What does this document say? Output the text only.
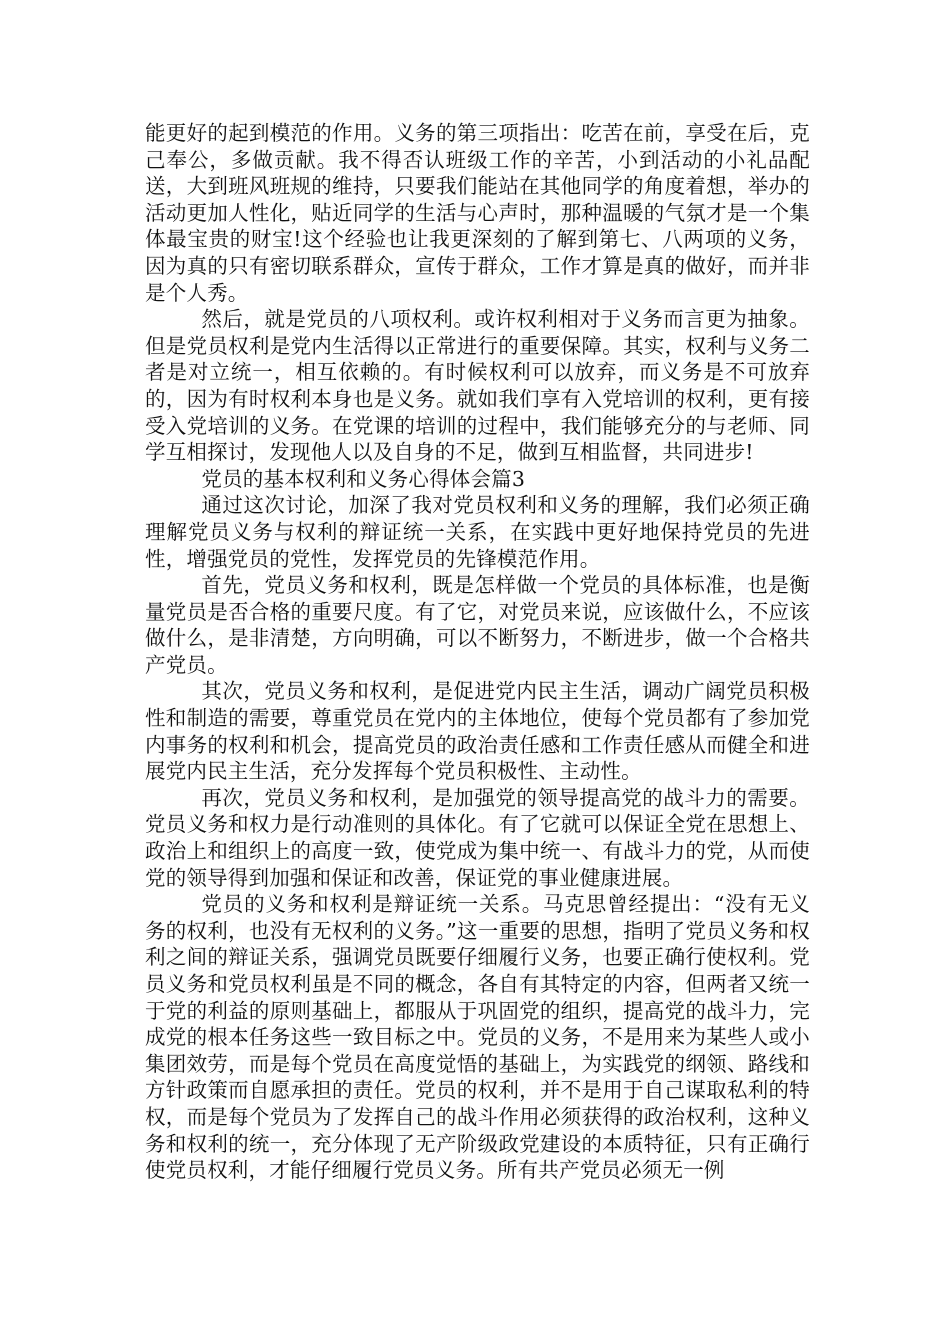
能更好的起到模范的作用。义务的第三项指出：吃苦在前，享受在后，克己奉公，多做贡献。我不得否认班级工作的辛苦，小到活动的小礼品配送，大到班风班规的维持，只要我们能站在其他同学的角度着想，举办的活动更加人性化，贴近同学的生活与心声时，那种温暖的气氛才是一个集体最宝贵的财宝!这个经验也让我更深刻的了解到第七、八两项的义务，因为真的只有密切联系群众，宣传于群众，工作才算是真的做好，而并非是个人秀。

然后，就是党员的八项权利。或许权利相对于义务而言更为抽象。但是党员权利是党内生活得以正常进行的重要保障。其实，权利与义务二者是对立统一，相互依赖的。有时候权利可以放弃，而义务是不可放弃的，因为有时权利本身也是义务。就如我们享有入党培训的权利，更有接受入党培训的义务。在党课的培训的过程中，我们能够充分的与老师、同学互相探讨，发现他人以及自身的不足，做到互相监督，共同进步!

党员的基本权利和义务心得体会篇3

通过这次讨论，加深了我对党员权利和义务的理解，我们必须正确理解党员义务与权利的辩证统一关系，在实践中更好地保持党员的先进性，增强党员的党性，发挥党员的先锋模范作用。

首先，党员义务和权利，既是怎样做一个党员的具体标准，也是衡量党员是否合格的重要尺度。有了它，对党员来说，应该做什么，不应该做什么，是非清楚，方向明确，可以不断努力，不断进步，做一个合格共产党员。

其次，党员义务和权利，是促进党内民主生活，调动广阔党员积极性和制造的需要，尊重党员在党内的主体地位，使每个党员都有了参加党内事务的权利和机会，提高党员的政治责任感和工作责任感从而健全和进展党内民主生活，充分发挥每个党员积极性、主动性。

再次，党员义务和权利，是加强党的领导提高党的战斗力的需要。党员义务和权力是行动准则的具体化。有了它就可以保证全党在思想上、政治上和组织上的高度一致，使党成为集中统一、有战斗力的党，从而使党的领导得到加强和保证和改善，保证党的事业健康进展。

党员的义务和权利是辩证统一关系。马克思曾经提出：“没有无义务的权利，也没有无权利的义务。”这一重要的思想，指明了党员义务和权利之间的辩证关系，强调党员既要仔细履行义务，也要正确行使权利。党员义务和党员权利虽是不同的概念，各自有其特定的内容，但两者又统一于党的利益的原则基础上，都服从于巩固党的组织，提高党的战斗力，完成党的根本任务这些一致目标之中。党员的义务，不是用来为某些人或小集团效劳，而是每个党员在高度觉悟的基础上，为实践党的纲领、路线和方针政策而自愿承担的责任。党员的权利，并不是用于自己谋取私利的特权，而是每个党员为了发挥自己的战斗作用必须获得的政治权利，这种义务和权利的统一，充分体现了无产阶级政党建设的本质特征，只有正确行使党员权利，才能仔细履行党员义务。所有共产党员必须无一例
